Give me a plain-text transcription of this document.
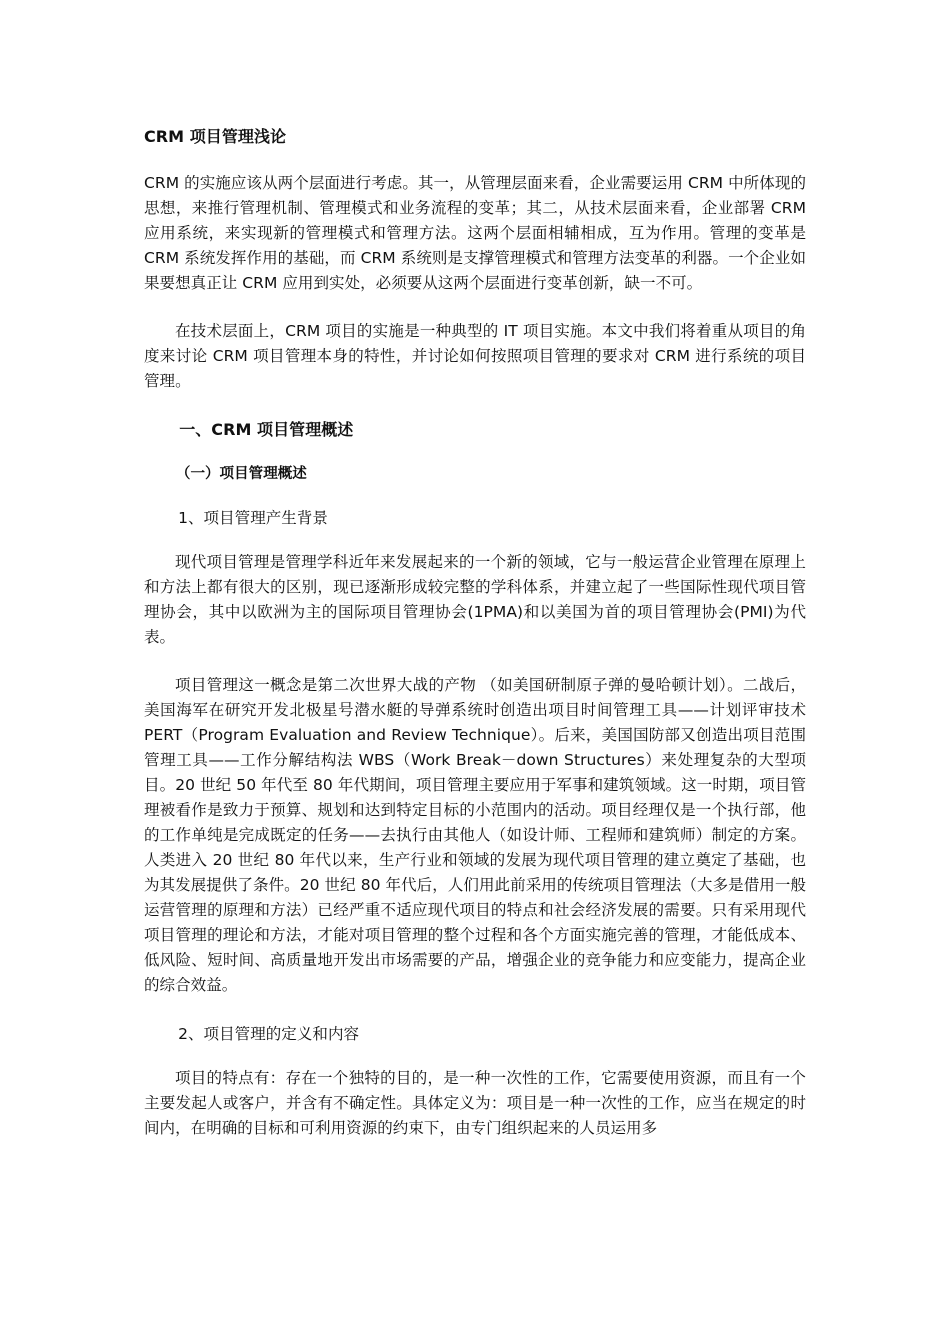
CRM 项目管理浅论

CRM 的实施应该从两个层面进行考虑。其一，从管理层面来看，企业需要运用 CRM 中所体现的思想，来推行管理机制、管理模式和业务流程的变革；其二，从技术层面来看，企业部署 CRM 应用系统，来实现新的管理模式和管理方法。这两个层面相辅相成，互为作用。管理的变革是 CRM 系统发挥作用的基础，而 CRM 系统则是支撑管理模式和管理方法变革的利器。一个企业如果要想真正让 CRM 应用到实处，必须要从这两个层面进行变革创新，缺一不可。

在技术层面上，CRM 项目的实施是一种典型的 IT 项目实施。本文中我们将着重从项目的角度来讨论 CRM 项目管理本身的特性，并讨论如何按照项目管理的要求对 CRM 进行系统的项目管理。

一、CRM 项目管理概述
（一）项目管理概述
1、项目管理产生背景

现代项目管理是管理学科近年来发展起来的一个新的领域，它与一般运营企业管理在原理上和方法上都有很大的区别，现已逐渐形成较完整的学科体系，并建立起了一些国际性现代项目管理协会，其中以欧洲为主的国际项目管理协会(1PMA)和以美国为首的项目管理协会(PMI)为代表。

项目管理这一概念是第二次世界大战的产物 （如美国研制原子弹的曼哈顿计划）。二战后，美国海军在研究开发北极星号潜水艇的导弹系统时创造出项目时间管理工具——计划评审技术 PERT（Program Evaluation and Review Technique）。后来，美国国防部又创造出项目范围管理工具——工作分解结构法 WBS（Work Break－down Structures）来处理复杂的大型项目。20 世纪 50 年代至 80 年代期间，项目管理主要应用于军事和建筑领域。这一时期，项目管理被看作是致力于预算、规划和达到特定目标的小范围内的活动。项目经理仅是一个执行部，他的工作单纯是完成既定的任务——去执行由其他人（如设计师、工程师和建筑师）制定的方案。人类进入 20 世纪 80 年代以来，生产行业和领域的发展为现代项目管理的建立奠定了基础，也为其发展提供了条件。20 世纪 80 年代后，人们用此前采用的传统项目管理法（大多是借用一般运营管理的原理和方法）已经严重不适应现代项目的特点和社会经济发展的需要。只有采用现代项目管理的理论和方法，才能对项目管理的整个过程和各个方面实施完善的管理，才能低成本、低风险、短时间、高质量地开发出市场需要的产品，增强企业的竞争能力和应变能力，提高企业的综合效益。

2、项目管理的定义和内容

项目的特点有：存在一个独特的目的，是一种一次性的工作，它需要使用资源，而且有一个主要发起人或客户，并含有不确定性。具体定义为：项目是一种一次性的工作，应当在规定的时间内，在明确的目标和可利用资源的约束下，由专门组织起来的人员运用多
